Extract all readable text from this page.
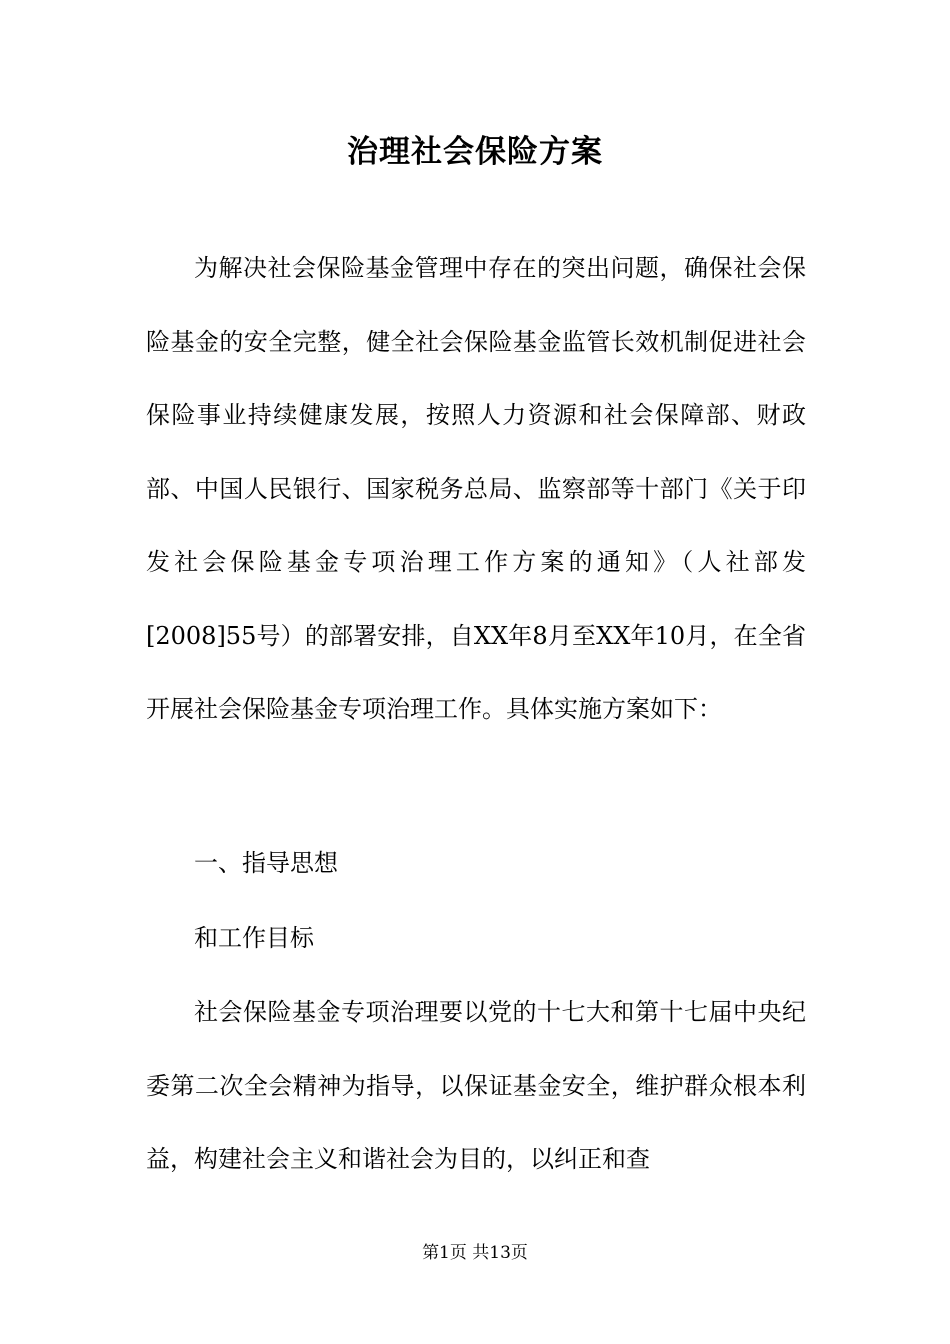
治理社会保险方案

为解决社会保险基金管理中存在的突出问题，确保社会保险基金的安全完整，健全社会保险基金监管长效机制促进社会保险事业持续健康发展，按照人力资源和社会保障部、财政部、中国人民银行、国家税务总局、监察部等十部门《关于印发社会保险基金专项治理工作方案的通知》（人社部发[2008]55号）的部署安排，自XX年8月至XX年10月，在全省开展社会保险基金专项治理工作。具体实施方案如下：

一、指导思想
和工作目标

社会保险基金专项治理要以党的十七大和第十七届中央纪委第二次全会精神为指导，以保证基金安全，维护群众根本利益，构建社会主义和谐社会为目的，以纠正和查

第1页 共13页
